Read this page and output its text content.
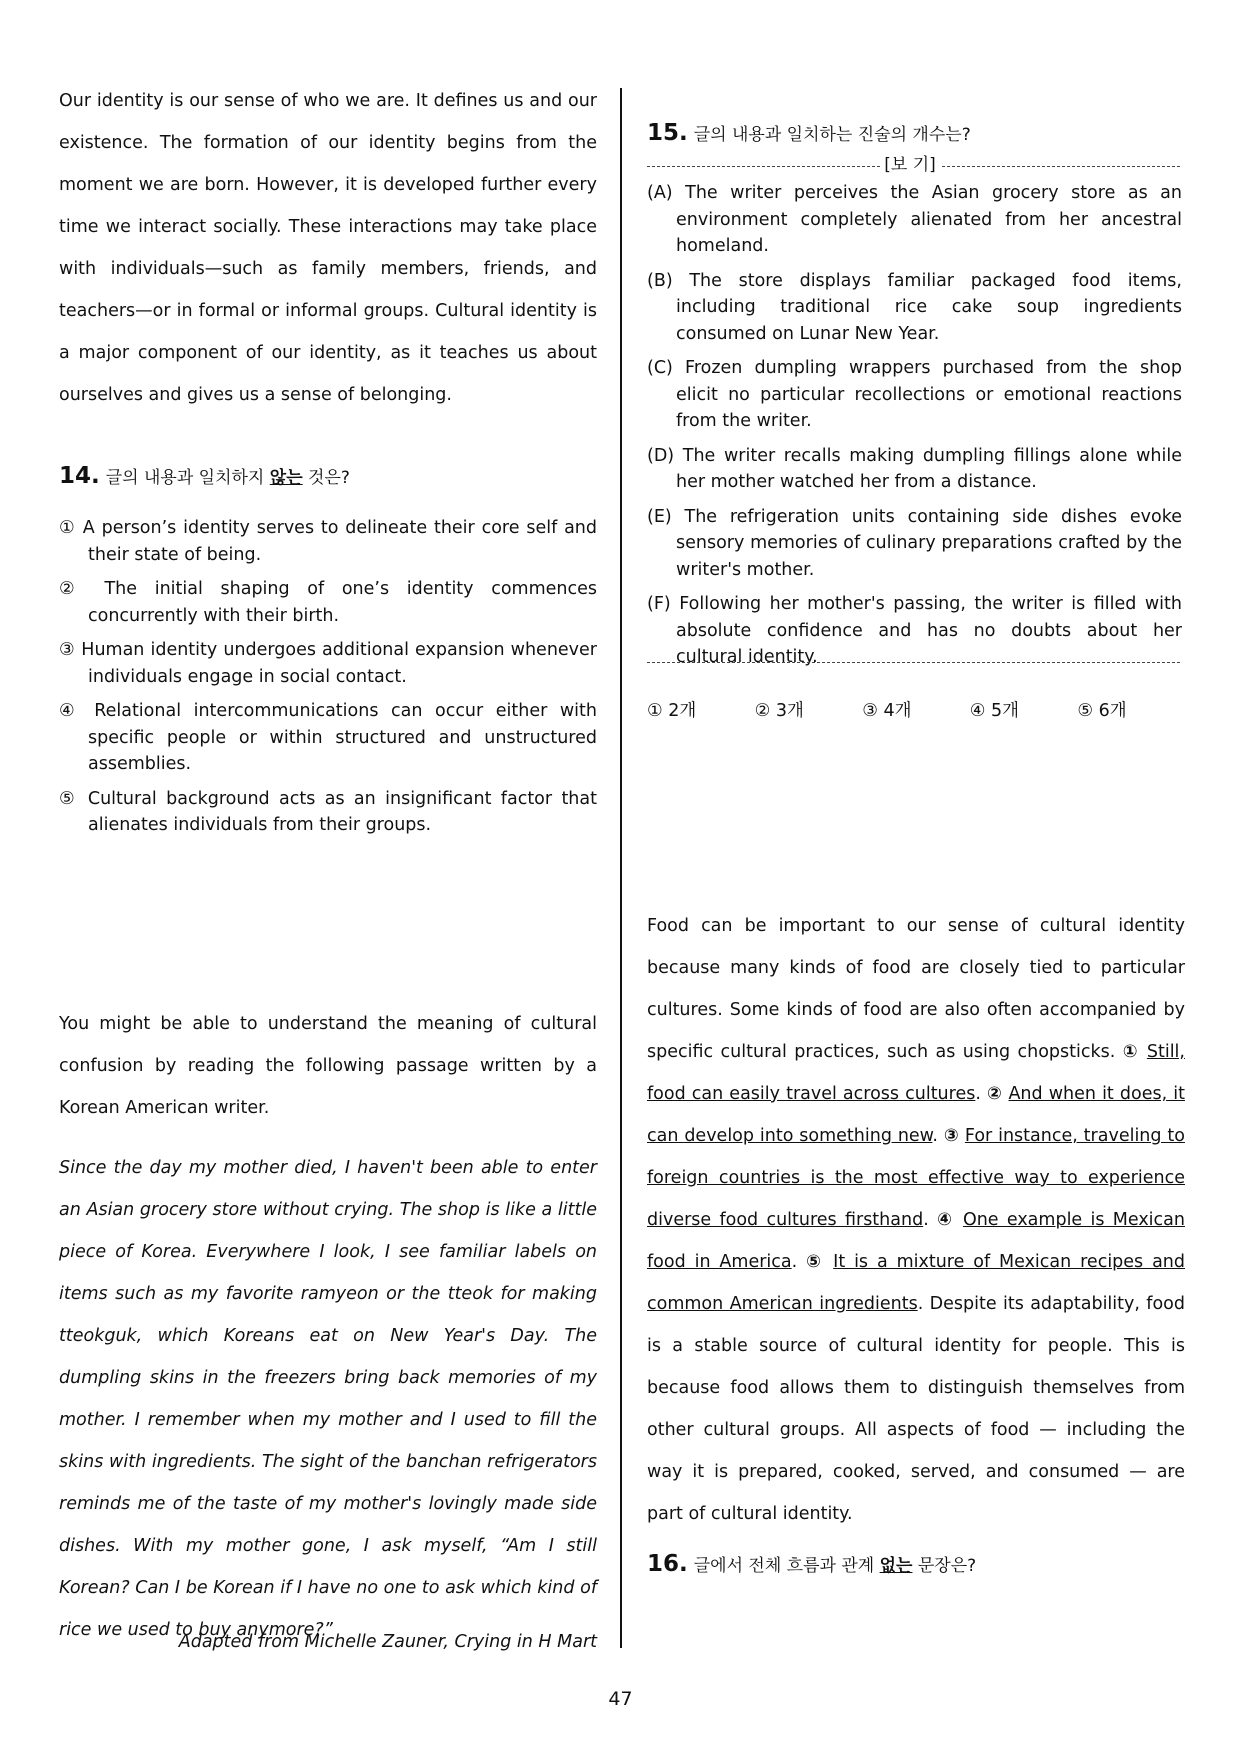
Our identity is our sense of who we are. It defines us and our existence. The formation of our identity begins from the moment we are born. However, it is developed further every time we interact socially. These interactions may take place with individuals—such as family members, friends, and teachers—or in formal or informal groups. Cultural identity is a major component of our identity, as it teaches us about ourselves and gives us a sense of belonging.

14. 글의 내용과 일치하지 않는 것은?

① A person’s identity serves to delineate their core self and their state of being.
② The initial shaping of one’s identity commences concurrently with their birth.
③ Human identity undergoes additional expansion whenever individuals engage in social contact.
④ Relational intercommunications can occur either with specific people or within structured and unstructured assemblies.
⑤ Cultural background acts as an insignificant factor that alienates individuals from their groups.

You might be able to understand the meaning of cultural confusion by reading the following passage written by a Korean American writer.

Since the day my mother died, I haven't been able to enter an Asian grocery store without crying. The shop is like a little piece of Korea. Everywhere I look, I see familiar labels on items such as my favorite ramyeon or the tteok for making tteokguk, which Koreans eat on New Year's Day. The dumpling skins in the freezers bring back memories of my mother. I remember when my mother and I used to fill the skins with ingredients. The sight of the banchan refrigerators reminds me of the taste of my mother's lovingly made side dishes. With my mother gone, I ask myself, “Am I still Korean? Can I be Korean if I have no one to ask which kind of rice we used to buy anymore?”

Adapted from Michelle Zauner, Crying in H Mart

15. 글의 내용과 일치하는 진술의 개수는?

[보 기]
(A) The writer perceives the Asian grocery store as an environment completely alienated from her ancestral homeland.
(B) The store displays familiar packaged food items, including traditional rice cake soup ingredients consumed on Lunar New Year.
(C) Frozen dumpling wrappers purchased from the shop elicit no particular recollections or emotional reactions from the writer.
(D) The writer recalls making dumpling fillings alone while her mother watched her from a distance.
(E) The refrigeration units containing side dishes evoke sensory memories of culinary preparations crafted by the writer's mother.
(F) Following her mother's passing, the writer is filled with absolute confidence and has no doubts about her cultural identity.
① 2개	② 3개	③ 4개	④ 5개	⑤ 6개

Food can be important to our sense of cultural identity because many kinds of food are closely tied to particular cultures. Some kinds of food are also often accompanied by specific cultural practices, such as using chopsticks. ① Still, food can easily travel across cultures. ② And when it does, it can develop into something new. ③ For instance, traveling to foreign countries is the most effective way to experience diverse food cultures firsthand. ④ One example is Mexican food in America. ⑤ It is a mixture of Mexican recipes and common American ingredients. Despite its adaptability, food is a stable source of cultural identity for people. This is because food allows them to distinguish themselves from other cultural groups. All aspects of food — including the way it is prepared, cooked, served, and consumed — are part of cultural identity.

16. 글에서 전체 흐름과 관계 없는 문장은?

47
